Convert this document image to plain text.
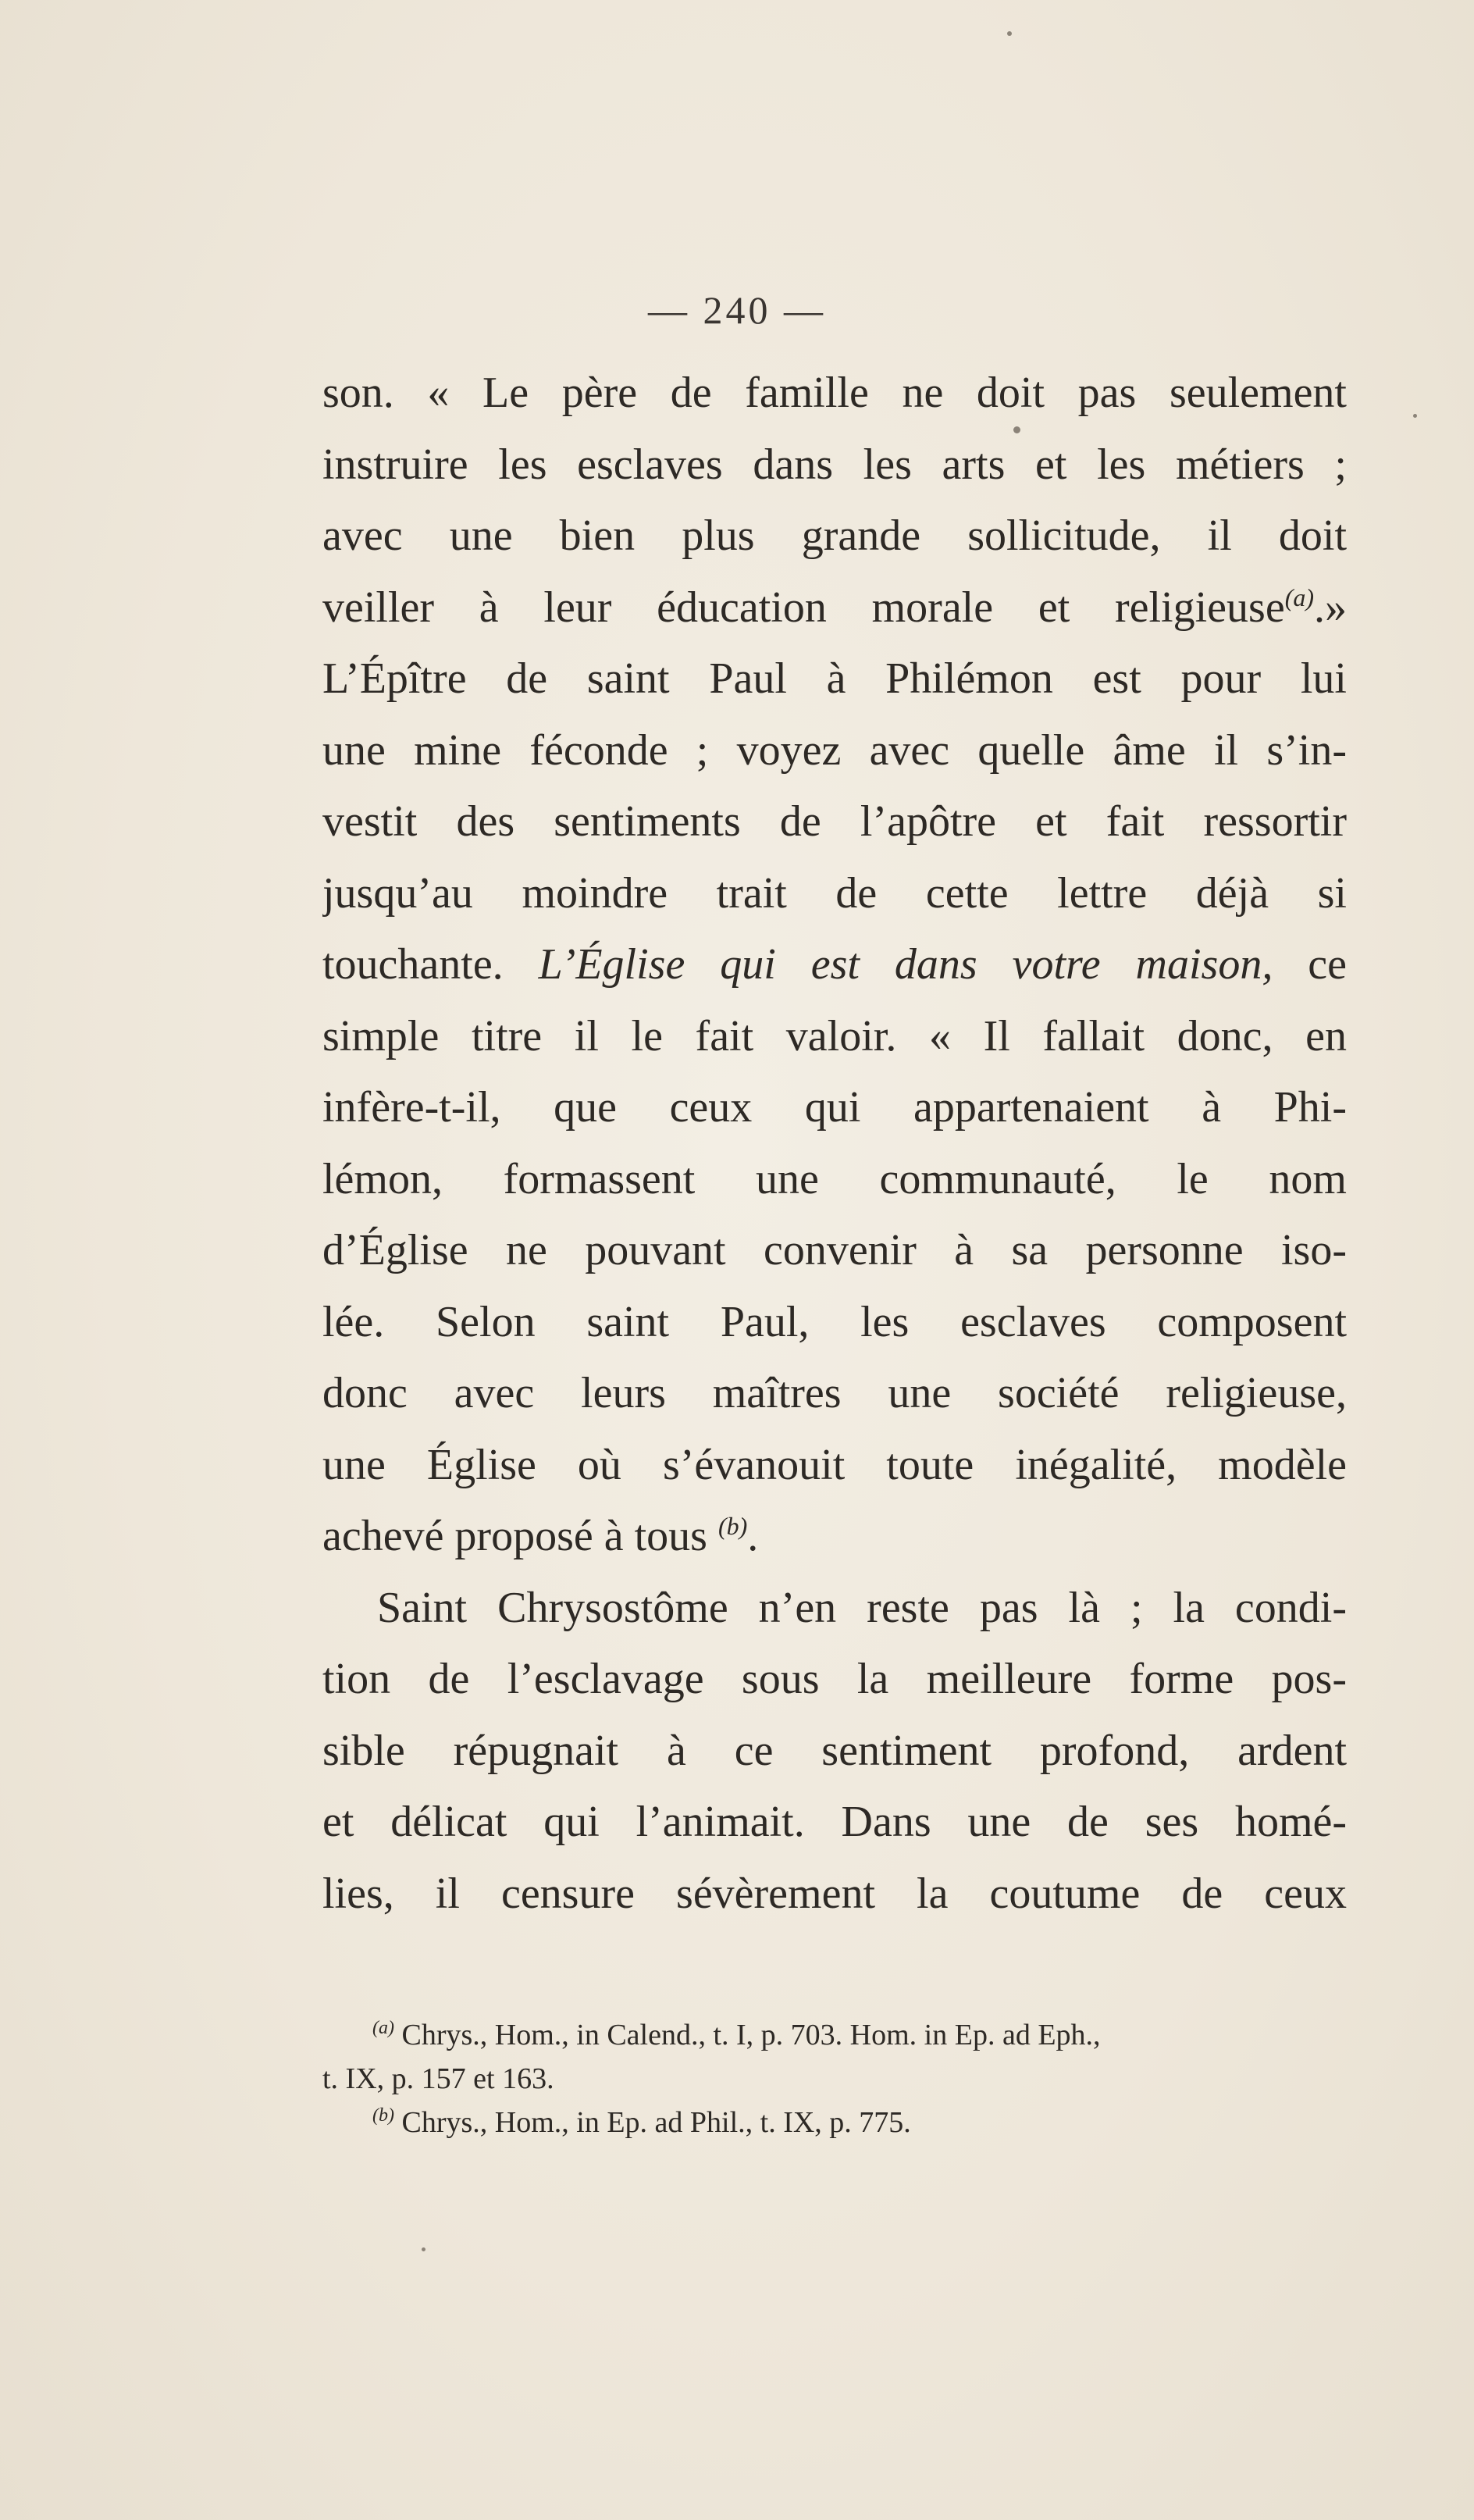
— 240 —
son. « Le père de famille ne doit pas seulement
instruire les esclaves dans les arts et les métiers ;
avec une bien plus grande sollicitude, il doit
veiller à leur éducation morale et religieuse$^{(a)}$.»
L’Épître de saint Paul à Philémon est pour lui
une mine féconde ; voyez avec quelle âme il s’in-
vestit des sentiments de l’apôtre et fait ressortir
jusqu’au moindre trait de cette lettre déjà si
touchante. L’Église qui est dans votre maison, ce
simple titre il le fait valoir. « Il fallait donc, en
infère-t-il, que ceux qui appartenaient à Phi-
lémon, formassent une communauté, le nom
d’Église ne pouvant convenir à sa personne iso-
lée. Selon saint Paul, les esclaves composent
donc avec leurs maîtres une société religieuse,
une Église où s’évanouit toute inégalité, modèle
achevé proposé à tous $^{(b)}$.
Saint Chrysostôme n’en reste pas là ; la condi-
tion de l’esclavage sous la meilleure forme pos-
sible répugnait à ce sentiment profond, ardent
et délicat qui l’animait. Dans une de ses homé-
lies, il censure sévèrement la coutume de ceux
$^{(a)}$ Chrys., Hom., in Calend., t. I, p. 703. Hom. in Ep. ad Eph.,
t. IX, p. 157 et 163.
$^{(b)}$ Chrys., Hom., in Ep. ad Phil., t. IX, p. 775.
